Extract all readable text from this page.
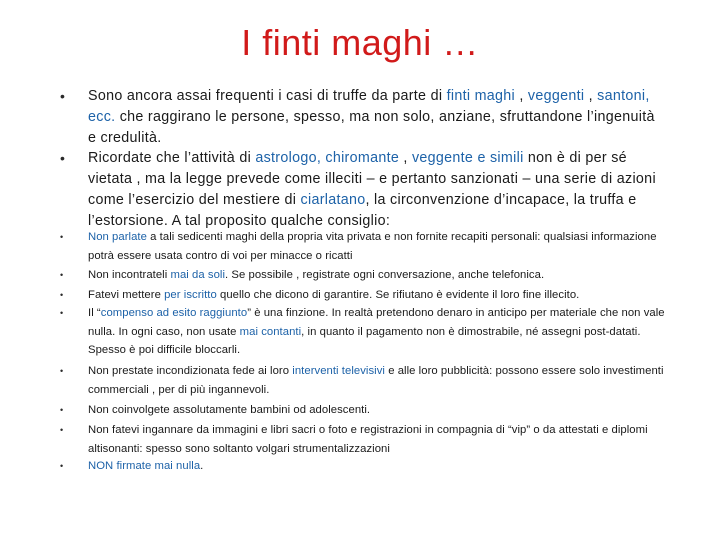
I finti maghi …
•	Sono ancora assai frequenti i casi di truffe da parte di finti maghi , veggenti , santoni, ecc. che raggirano le persone, spesso, ma non solo, anziane, sfruttandone l’ingenuità e credulità.
•	Ricordate che l’attività di astrologo, chiromante , veggente e simili non è di per sé vietata , ma la legge prevede come illeciti – e pertanto sanzionati – una serie di azioni come l’esercizio del mestiere di ciarlatano, la circonvenzione d’incapace, la truffa e l’estorsione. A tal proposito qualche consiglio:
•	Non parlate a tali sedicenti maghi della propria vita privata e non fornite recapiti personali: qualsiasi informazione potrà essere usata contro di voi per minacce o ricatti
•	Non incontrateli mai da soli. Se possibile , registrate ogni conversazione, anche telefonica.
•	Fatevi mettere per iscritto quello che dicono di garantire. Se rifiutano è evidente il loro fine illecito.
•	Il “compenso ad esito raggiunto” è una finzione. In realtà pretendono denaro in anticipo per materiale che non vale nulla. In ogni caso, non usate mai contanti, in quanto il pagamento non è dimostrabile, né assegni post-datati. Spesso è poi difficile bloccarli.
•	Non prestate incondizionata fede ai loro interventi televisivi e alle loro pubblicità: possono essere solo investimenti commerciali , per di più ingannevoli.
•	Non coinvolgete assolutamente bambini od adolescenti.
•	Non fatevi ingannare da immagini e libri sacri o foto e registrazioni in compagnia di “vip” o da attestati e diplomi altisonanti: spesso sono soltanto volgari strumentalizzazioni
•	NON firmate mai nulla.
